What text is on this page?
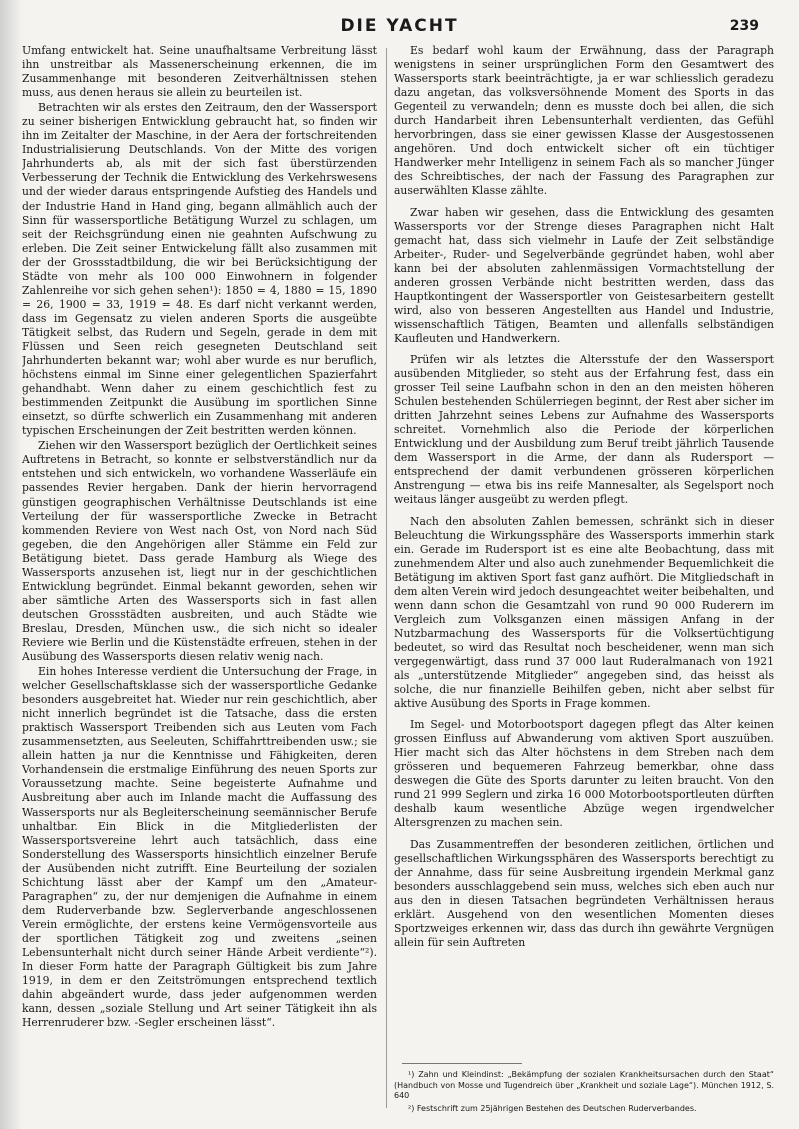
DIE YACHT	239

Umfang entwickelt hat. Seine unaufhaltsame Verbreitung lässt ihn unstreitbar als Massenerscheinung erkennen, die im Zusammenhange mit besonderen Zeitverhältnissen stehen muss, aus denen heraus sie allein zu beurteilen ist.

Betrachten wir als erstes den Zeitraum, den der Wassersport zu seiner bisherigen Entwicklung gebraucht hat, so finden wir ihn im Zeitalter der Maschine, in der Aera der fortschreitenden Industrialisierung Deutschlands. Von der Mitte des vorigen Jahrhunderts ab, als mit der sich fast überstürzenden Verbesserung der Technik die Entwicklung des Verkehrswesens und der wieder daraus entspringende Aufstieg des Handels und der Industrie Hand in Hand ging, begann allmählich auch der Sinn für wassersportliche Betätigung Wurzel zu schlagen, um seit der Reichsgründung einen nie geahnten Aufschwung zu erleben. Die Zeit seiner Entwickelung fällt also zusammen mit der der Grossstadtbildung, die wir bei Berücksichtigung der Städte von mehr als 100 000 Einwohnern in folgender Zahlenreihe vor sich gehen sehen¹): 1850 = 4, 1880 = 15, 1890 = 26, 1900 = 33, 1919 = 48. Es darf nicht verkannt werden, dass im Gegensatz zu vielen anderen Sports die ausgeübte Tätigkeit selbst, das Rudern und Segeln, gerade in dem mit Flüssen und Seen reich gesegneten Deutschland seit Jahrhunderten bekannt war; wohl aber wurde es nur beruflich, höchstens einmal im Sinne einer gelegentlichen Spazierfahrt gehandhabt. Wenn daher zu einem geschichtlich fest zu bestimmenden Zeitpunkt die Ausübung im sportlichen Sinne einsetzt, so dürfte schwerlich ein Zusammenhang mit anderen typischen Erscheinungen der Zeit bestritten werden können.

Ziehen wir den Wassersport bezüglich der Oertlichkeit seines Auftretens in Betracht, so konnte er selbstverständlich nur da entstehen und sich entwickeln, wo vorhandene Wasserläufe ein passendes Revier hergaben. Dank der hierin hervorragend günstigen geographischen Verhältnisse Deutschlands ist eine Verteilung der für wassersportliche Zwecke in Betracht kommenden Reviere von West nach Ost, von Nord nach Süd gegeben, die den Angehörigen aller Stämme ein Feld zur Betätigung bietet. Dass gerade Hamburg als Wiege des Wassersports anzusehen ist, liegt nur in der geschichtlichen Entwicklung begründet. Einmal bekannt geworden, sehen wir aber sämtliche Arten des Wassersports sich in fast allen deutschen Grossstädten ausbreiten, und auch Städte wie Breslau, Dresden, München usw., die sich nicht so idealer Reviere wie Berlin und die Küstenstädte erfreuen, stehen in der Ausübung des Wassersports diesen relativ wenig nach.

Ein hohes Interesse verdient die Untersuchung der Frage, in welcher Gesellschaftsklasse sich der wassersportliche Gedanke besonders ausgebreitet hat. Wieder nur rein geschichtlich, aber nicht innerlich begründet ist die Tatsache, dass die ersten praktisch Wassersport Treibenden sich aus Leuten vom Fach zusammensetzten, aus Seeleuten, Schiffahrttreibenden usw.; sie allein hatten ja nur die Kenntnisse und Fähigkeiten, deren Vorhandensein die erstmalige Einführung des neuen Sports zur Voraussetzung machte. Seine begeisterte Aufnahme und Ausbreitung aber auch im Inlande macht die Auffassung des Wassersports nur als Begleiterscheinung seemännischer Berufe unhaltbar. Ein Blick in die Mitgliederlisten der Wassersportsvereine lehrt auch tatsächlich, dass eine Sonderstellung des Wassersports hinsichtlich einzelner Berufe der Ausübenden nicht zutrifft. Eine Beurteilung der sozialen Schichtung lässt aber der Kampf um den „Amateur-Paragraphen“ zu, der nur demjenigen die Aufnahme in einem dem Ruderverbande bzw. Seglerverbande angeschlossenen Verein ermöglichte, der erstens keine Vermögensvorteile aus der sportlichen Tätigkeit zog und zweitens „seinen Lebensunterhalt nicht durch seiner Hände Arbeit verdiente“²). In dieser Form hatte der Paragraph Gültigkeit bis zum Jahre 1919, in dem er den Zeitströmungen entsprechend textlich dahin abgeändert wurde, dass jeder aufgenommen werden kann, dessen „soziale Stellung und Art seiner Tätigkeit ihn als Herrenruderer bzw. -Segler erscheinen lässt“.

Es bedarf wohl kaum der Erwähnung, dass der Paragraph wenigstens in seiner ursprünglichen Form den Gesamtwert des Wassersports stark beeinträchtigte, ja er war schliesslich geradezu dazu angetan, das volksversöhnende Moment des Sports in das Gegenteil zu verwandeln; denn es musste doch bei allen, die sich durch Handarbeit ihren Lebensunterhalt verdienten, das Gefühl hervorbringen, dass sie einer gewissen Klasse der Ausgestossenen angehören. Und doch entwickelt sicher oft ein tüchtiger Handwerker mehr Intelligenz in seinem Fach als so mancher Jünger des Schreibtisches, der nach der Fassung des Paragraphen zur auserwählten Klasse zählte.

Zwar haben wir gesehen, dass die Entwicklung des gesamten Wassersports vor der Strenge dieses Paragraphen nicht Halt gemacht hat, dass sich vielmehr in Laufe der Zeit selbständige Arbeiter-, Ruder- und Segelverbände gegründet haben, wohl aber kann bei der absoluten zahlenmässigen Vormachtstellung der anderen grossen Verbände nicht bestritten werden, dass das Hauptkontingent der Wassersportler von Geistesarbeitern gestellt wird, also von besseren Angestellten aus Handel und Industrie, wissenschaftlich Tätigen, Beamten und allenfalls selbständigen Kaufleuten und Handwerkern.

Prüfen wir als letztes die Altersstufe der den Wassersport ausübenden Mitglieder, so steht aus der Erfahrung fest, dass ein grosser Teil seine Laufbahn schon in den an den meisten höheren Schulen bestehenden Schülerriegen beginnt, der Rest aber sicher im dritten Jahrzehnt seines Lebens zur Aufnahme des Wassersports schreitet. Vornehmlich also die Periode der körperlichen Entwicklung und der Ausbildung zum Beruf treibt jährlich Tausende dem Wassersport in die Arme, der dann als Rudersport — entsprechend der damit verbundenen grösseren körperlichen Anstrengung — etwa bis ins reife Mannesalter, als Segelsport noch weitaus länger ausgeübt zu werden pflegt.

Nach den absoluten Zahlen bemessen, schränkt sich in dieser Beleuchtung die Wirkungssphäre des Wassersports immerhin stark ein. Gerade im Rudersport ist es eine alte Beobachtung, dass mit zunehmendem Alter und also auch zunehmender Bequemlichkeit die Betätigung im aktiven Sport fast ganz aufhört. Die Mitgliedschaft in dem alten Verein wird jedoch desungeachtet weiter beibehalten, und wenn dann schon die Gesamtzahl von rund 90 000 Ruderern im Vergleich zum Volksganzen einen mässigen Anfang in der Nutzbarmachung des Wassersports für die Volksertüchtigung bedeutet, so wird das Resultat noch bescheidener, wenn man sich vergegenwärtigt, dass rund 37 000 laut Ruderalmanach von 1921 als „unterstützende Mitglieder“ angegeben sind, das heisst als solche, die nur finanzielle Beihilfen geben, nicht aber selbst für aktive Ausübung des Sports in Frage kommen.

Im Segel- und Motorbootsport dagegen pflegt das Alter keinen grossen Einfluss auf Abwanderung vom aktiven Sport auszuüben. Hier macht sich das Alter höchstens in dem Streben nach dem grösseren und bequemeren Fahrzeug bemerkbar, ohne dass deswegen die Güte des Sports darunter zu leiten braucht. Von den rund 21 999 Seglern und zirka 16 000 Motorbootsportleuten dürften deshalb kaum wesentliche Abzüge wegen irgendwelcher Altersgrenzen zu machen sein.

Das Zusammentreffen der besonderen zeitlichen, örtlichen und gesellschaftlichen Wirkungssphären des Wassersports berechtigt zu der Annahme, dass für seine Ausbreitung irgendein Merkmal ganz besonders ausschlaggebend sein muss, welches sich eben auch nur aus den in diesen Tatsachen begründeten Verhältnissen heraus erklärt. Ausgehend von den wesentlichen Momenten dieses Sportzweiges erkennen wir, dass das durch ihn gewährte Vergnügen allein für sein Auftreten

¹) Zahn und Kleindinst: „Bekämpfung der sozialen Krankheitsursachen durch den Staat“ (Handbuch von Mosse und Tugendreich über „Krankheit und soziale Lage“). München 1912, S. 640

²) Festschrift zum 25jährigen Bestehen des Deutschen Ruderverbandes.
